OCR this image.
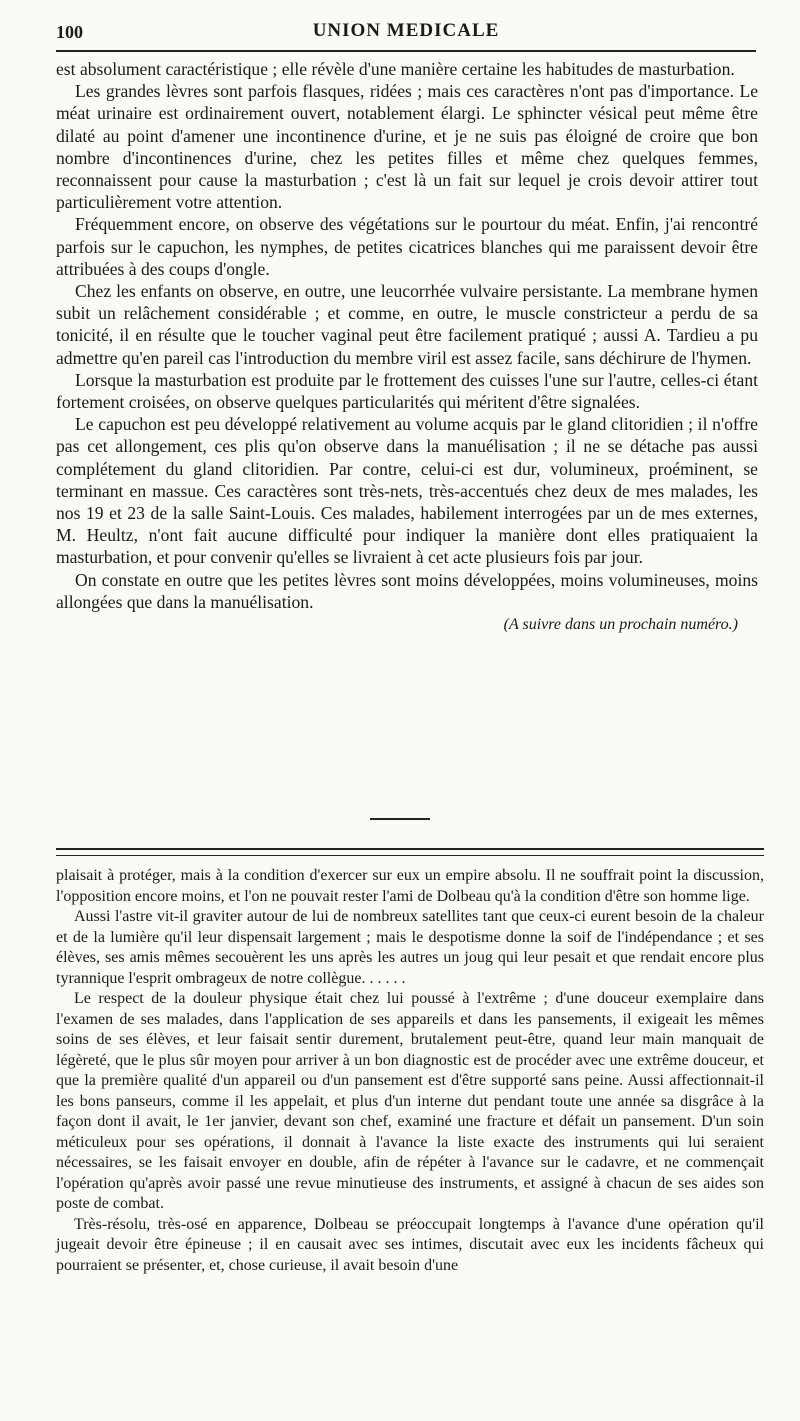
100	UNION MEDICALE

est absolument caractéristique ; elle révèle d'une manière certaine les habitudes de masturbation.

Les grandes lèvres sont parfois flasques, ridées ; mais ces caractères n'ont pas d'importance. Le méat urinaire est ordinairement ouvert, notablement élargi. Le sphincter vésical peut même être dilaté au point d'amener une incontinence d'urine, et je ne suis pas éloigné de croire que bon nombre d'incontinences d'urine, chez les petites filles et même chez quelques femmes, reconnaissent pour cause la masturbation ; c'est là un fait sur lequel je crois devoir attirer tout particulièrement votre attention.

Fréquemment encore, on observe des végétations sur le pourtour du méat. Enfin, j'ai rencontré parfois sur le capuchon, les nymphes, de petites cicatrices blanches qui me paraissent devoir être attribuées à des coups d'ongle.

Chez les enfants on observe, en outre, une leucorrhée vulvaire persistante. La membrane hymen subit un relâchement considérable ; et comme, en outre, le muscle constricteur a perdu de sa tonicité, il en résulte que le toucher vaginal peut être facilement pratiqué ; aussi A. Tardieu a pu admettre qu'en pareil cas l'introduction du membre viril est assez facile, sans déchirure de l'hymen.

Lorsque la masturbation est produite par le frottement des cuisses l'une sur l'autre, celles-ci étant fortement croisées, on observe quelques particularités qui méritent d'être signalées.

Le capuchon est peu développé relativement au volume acquis par le gland clitoridien ; il n'offre pas cet allongement, ces plis qu'on observe dans la manuélisation ; il ne se détache pas aussi complétement du gland clitoridien. Par contre, celui-ci est dur, volumineux, proéminent, se terminant en massue. Ces caractères sont très-nets, très-accentués chez deux de mes malades, les nos 19 et 23 de la salle Saint-Louis. Ces malades, habilement interrogées par un de mes externes, M. Heultz, n'ont fait aucune difficulté pour indiquer la manière dont elles pratiquaient la masturbation, et pour convenir qu'elles se livraient à cet acte plusieurs fois par jour.

On constate en outre que les petites lèvres sont moins développées, moins volumineuses, moins allongées que dans la manuélisation.

(A suivre dans un prochain numéro.)

plaisait à protéger, mais à la condition d'exercer sur eux un empire absolu. Il ne souffrait point la discussion, l'opposition encore moins, et l'on ne pouvait rester l'ami de Dolbeau qu'à la condition d'être son homme lige.

Aussi l'astre vit-il graviter autour de lui de nombreux satellites tant que ceux-ci eurent besoin de la chaleur et de la lumière qu'il leur dispensait largement ; mais le despotisme donne la soif de l'indépendance ; et ses élèves, ses amis mêmes secouèrent les uns après les autres un joug qui leur pesait et que rendait encore plus tyrannique l'esprit ombrageux de notre collègue. . . . . .

Le respect de la douleur physique était chez lui poussé à l'extrême ; d'une douceur exemplaire dans l'examen de ses malades, dans l'application de ses appareils et dans les pansements, il exigeait les mêmes soins de ses élèves, et leur faisait sentir durement, brutalement peut-être, quand leur main manquait de légèreté, que le plus sûr moyen pour arriver à un bon diagnostic est de procéder avec une extrême douceur, et que la première qualité d'un appareil ou d'un pansement est d'être supporté sans peine. Aussi affectionnait-il les bons panseurs, comme il les appelait, et plus d'un interne dut pendant toute une année sa disgrâce à la façon dont il avait, le 1er janvier, devant son chef, examiné une fracture et défait un pansement. D'un soin méticuleux pour ses opérations, il donnait à l'avance la liste exacte des instruments qui lui seraient nécessaires, se les faisait envoyer en double, afin de répéter à l'avance sur le cadavre, et ne commençait l'opération qu'après avoir passé une revue minutieuse des instruments, et assigné à chacun de ses aides son poste de combat.

Très-résolu, très-osé en apparence, Dolbeau se préoccupait longtemps à l'avance d'une opération qu'il jugeait devoir être épineuse ; il en causait avec ses intimes, discutait avec eux les incidents fâcheux qui pourraient se présenter, et, chose curieuse, il avait besoin d'une
